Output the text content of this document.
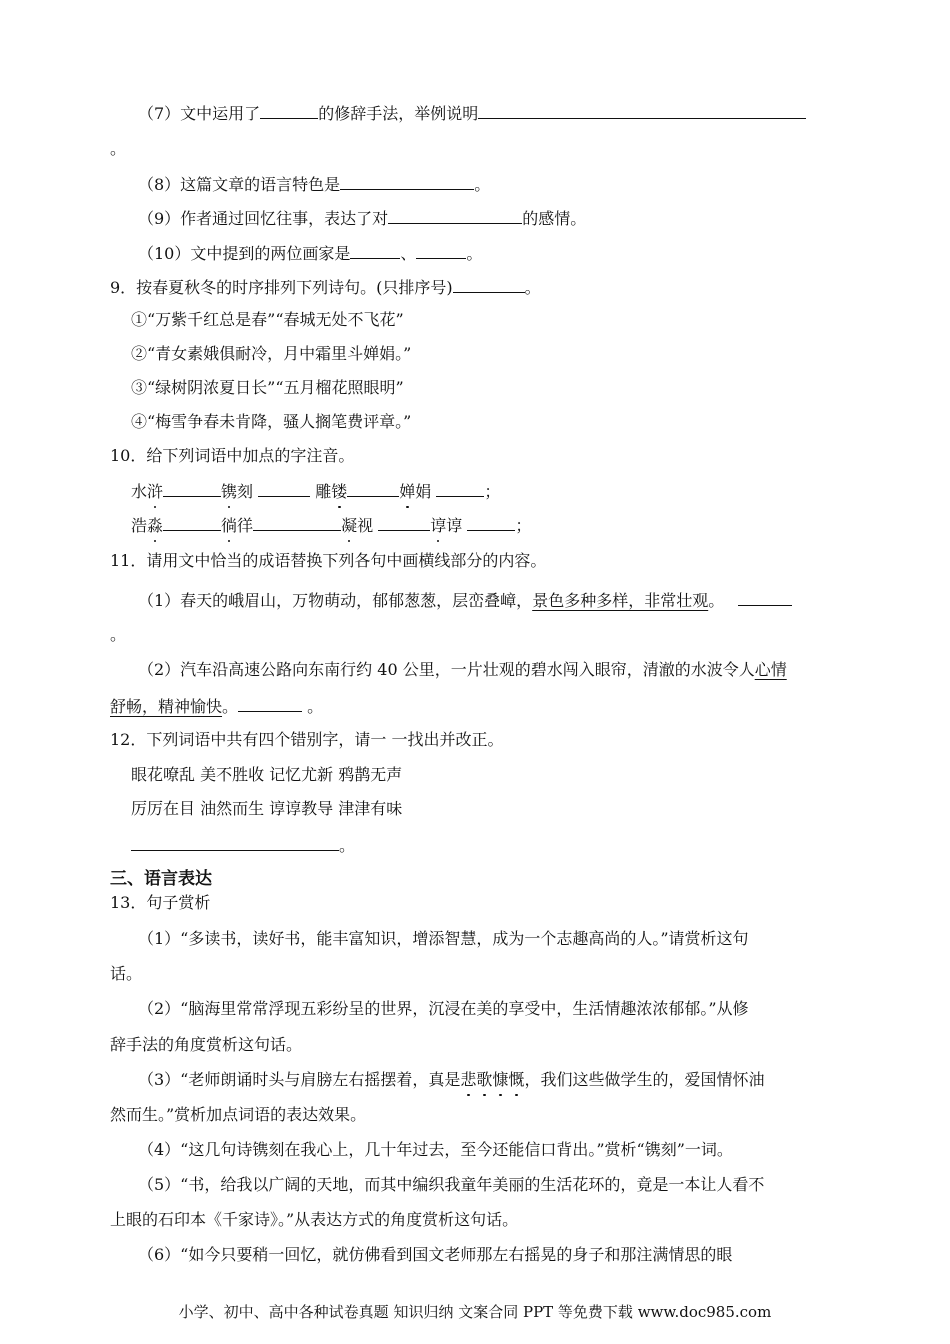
（7）文中运用了	的修辞手法，举例说明
。
（8）这篇文章的语言特色是	。
（9）作者通过回忆往事，表达了对	的感情。
（10）文中提到的两位画家是	、	。
9．按春夏秋冬的时序排列下列诗句。(只排序号)	。
①“万紫千红总是春”“春城无处不飞花”
②“青女素娥俱耐冷，月中霜里斗婵娟。”
③“绿树阴浓夏日长”“五月榴花照眼明”
④“梅雪争春未肯降，骚人搁笔费评章。”
10．给下列词语中加点的字注音。
水浒	镌刻	雕镂	婵娟	；
浩淼	徜徉	凝视	谆谆	；
11．请用文中恰当的成语替换下列各句中画横线部分的内容。
（1）春天的峨眉山，万物萌动，郁郁葱葱，层峦叠嶂，景色多种多样，非常壮观。
。
（2）汽车沿高速公路向东南行约 40 公里，一片壮观的碧水闯入眼帘，清澈的水波令人心情
舒畅，精神愉快。	。
12．下列词语中共有四个错别字，请一 一找出并改正。
眼花嘹乱 美不胜收 记忆尤新 鸦鹊无声
厉厉在目 油然而生 谆谆教导 津津有味
。
三、语言表达
13．句子赏析
（1）“多读书，读好书，能丰富知识，增添智慧，成为一个志趣高尚的人。”请赏析这句
话。
（2）“脑海里常常浮现五彩纷呈的世界，沉浸在美的享受中，生活情趣浓浓郁郁。”从修
辞手法的角度赏析这句话。
（3）“老师朗诵时头与肩膀左右摇摆着，真是悲歌慷慨，我们这些做学生的，爱国情怀油
然而生。”赏析加点词语的表达效果。
（4）“这几句诗镌刻在我心上，几十年过去，至今还能信口背出。”赏析“镌刻”一词。
（5）“书，给我以广阔的天地，而其中编织我童年美丽的生活花环的，竟是一本让人看不
上眼的石印本《千家诗》。”从表达方式的角度赏析这句话。
（6）“如今只要稍一回忆，就仿佛看到国文老师那左右摇晃的身子和那注满情思的眼
小学、初中、高中各种试卷真题 知识归纳 文案合同 PPT 等免费下载 www.doc985.com
